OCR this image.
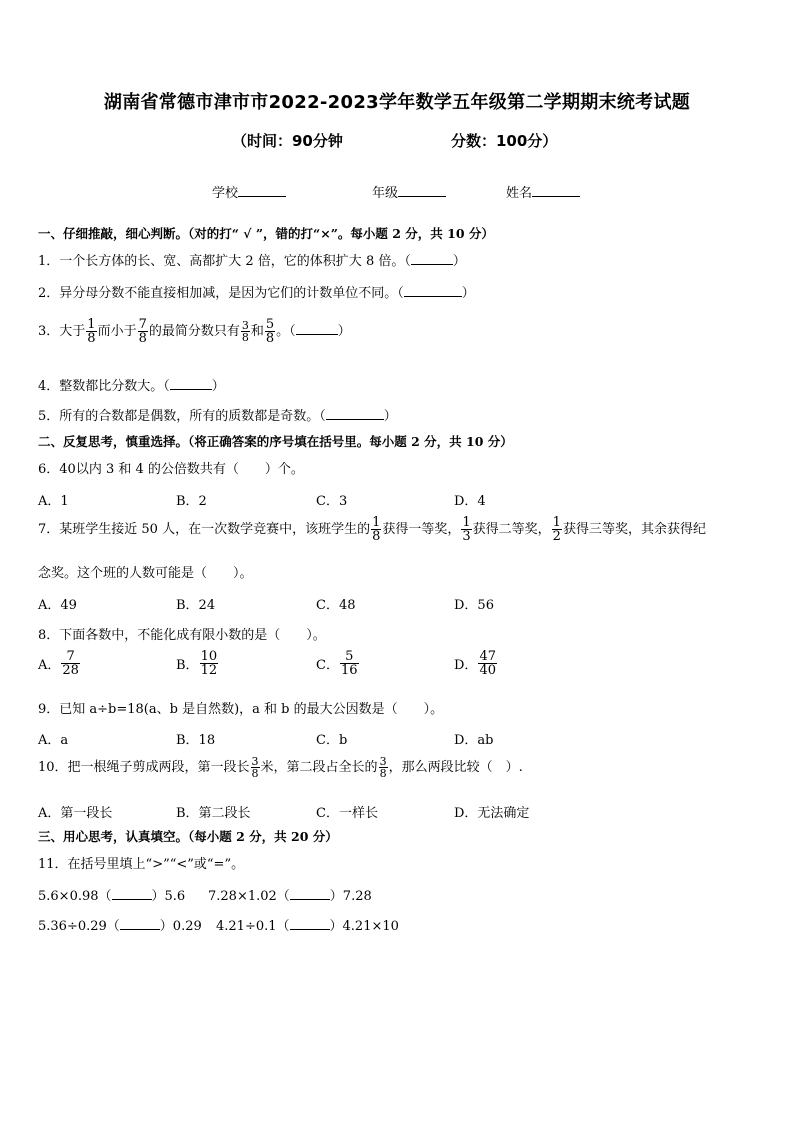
湖南省常德市津市市2022-2023学年数学五年级第二学期期末统考试题
（时间：90分钟	分数：100分）
学校	年级	姓名
一、仔细推敲，细心判断。（对的打“ √ ”，错的打“×”。每小题 2 分，共 10 分）
1．一个长方体的长、宽、高都扩大 2 倍，它的体积扩大 8 倍。（	）
2．异分母分数不能直接相加减，是因为它们的计数单位不同。（	）
3．大于 $\frac{1}{8}$ 而小于 $\frac{7}{8}$ 的最简分数只有 $\frac{3}{8}$ 和 $\frac{5}{8}$ 。（	）
4．整数都比分数大。（	）
5．所有的合数都是偶数，所有的质数都是奇数。（	）
二、反复思考，慎重选择。（将正确答案的序号填在括号里。每小题 2 分，共 10 分）
6．40以内 3 和 4 的公倍数共有（　　）个。
A．1	B．2	C．3	D．4
7．某班学生接近 50 人，在一次数学竞赛中，该班学生的 $\frac{1}{8}$ 获得一等奖， $\frac{1}{3}$ 获得二等奖， $\frac{1}{2}$ 获得三等奖，其余获得纪
念奖。这个班的人数可能是（　　）。
A．49	B．24	C．48	D．56
8．下面各数中，不能化成有限小数的是（　　）。
A． $\frac{7}{28}$	B． $\frac{10}{12}$	C． $\frac{5}{16}$	D． $\frac{47}{40}$
9．已知 a÷b=18(a、b 是自然数)，a 和 b 的最大公因数是（　　）。
A．a	B．18	C．b	D．ab
10．把一根绳子剪成两段，第一段长 $\frac{3}{8}$ 米，第二段占全长的 $\frac{3}{8}$ ，那么两段比较（　）.
A．第一段长	B．第二段长	C．一样长	D．无法确定
三、用心思考，认真填空。（每小题 2 分，共 20 分）
11．在括号里填上“>”“<”或“=”。
5.6×0.98（	）5.6 7.28×1.02（	）7.28
5.36÷0.29（	）0.29 4.21÷0.1（	）4.21×10
